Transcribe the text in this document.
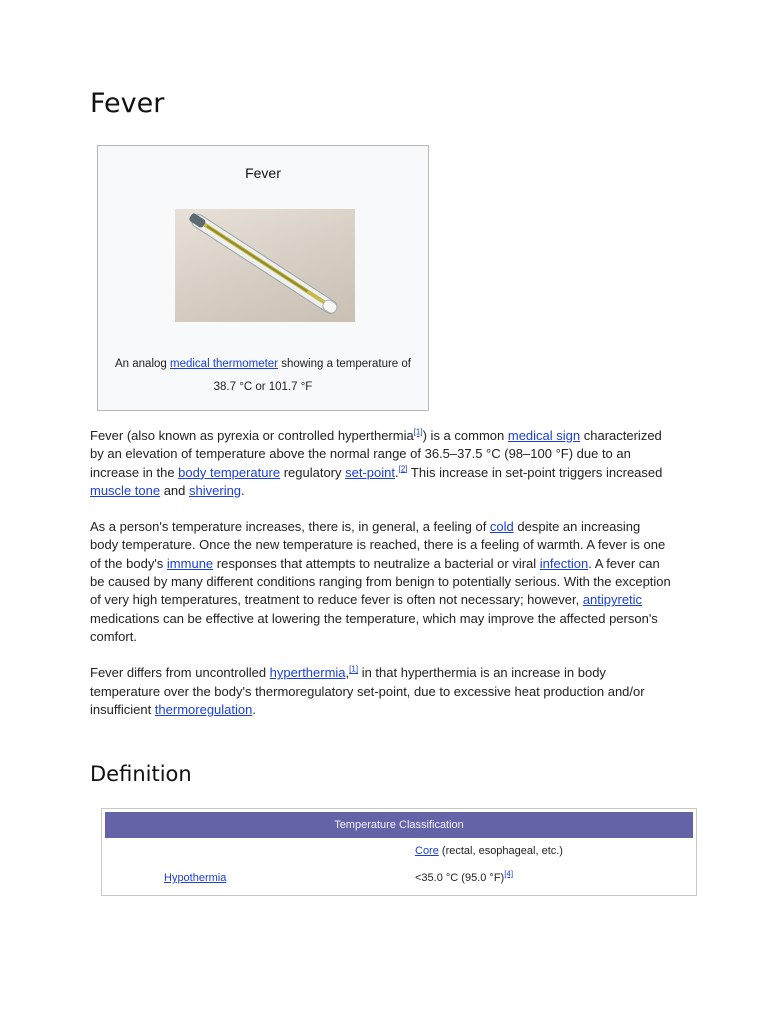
Fever
Fever
An analog medical thermometer showing a temperature of 38.7 °C or 101.7 °F

Fever (also known as pyrexia or controlled hyperthermia[1]) is a common medical sign characterized by an elevation of temperature above the normal range of 36.5–37.5 °C (98–100 °F) due to an increase in the body temperature regulatory set-point.[2] This increase in set-point triggers increased muscle tone and shivering.

As a person's temperature increases, there is, in general, a feeling of cold despite an increasing body temperature. Once the new temperature is reached, there is a feeling of warmth. A fever is one of the body's immune responses that attempts to neutralize a bacterial or viral infection. A fever can be caused by many different conditions ranging from benign to potentially serious. With the exception of very high temperatures, treatment to reduce fever is often not necessary; however, antipyretic medications can be effective at lowering the temperature, which may improve the affected person's comfort.

Fever differs from uncontrolled hyperthermia,[1] in that hyperthermia is an increase in body temperature over the body's thermoregulatory set-point, due to excessive heat production and/or insufficient thermoregulation.

Definition
Temperature Classification
Core (rectal, esophageal, etc.)
Hypothermia	<35.0 °C (95.0 °F)[4]
